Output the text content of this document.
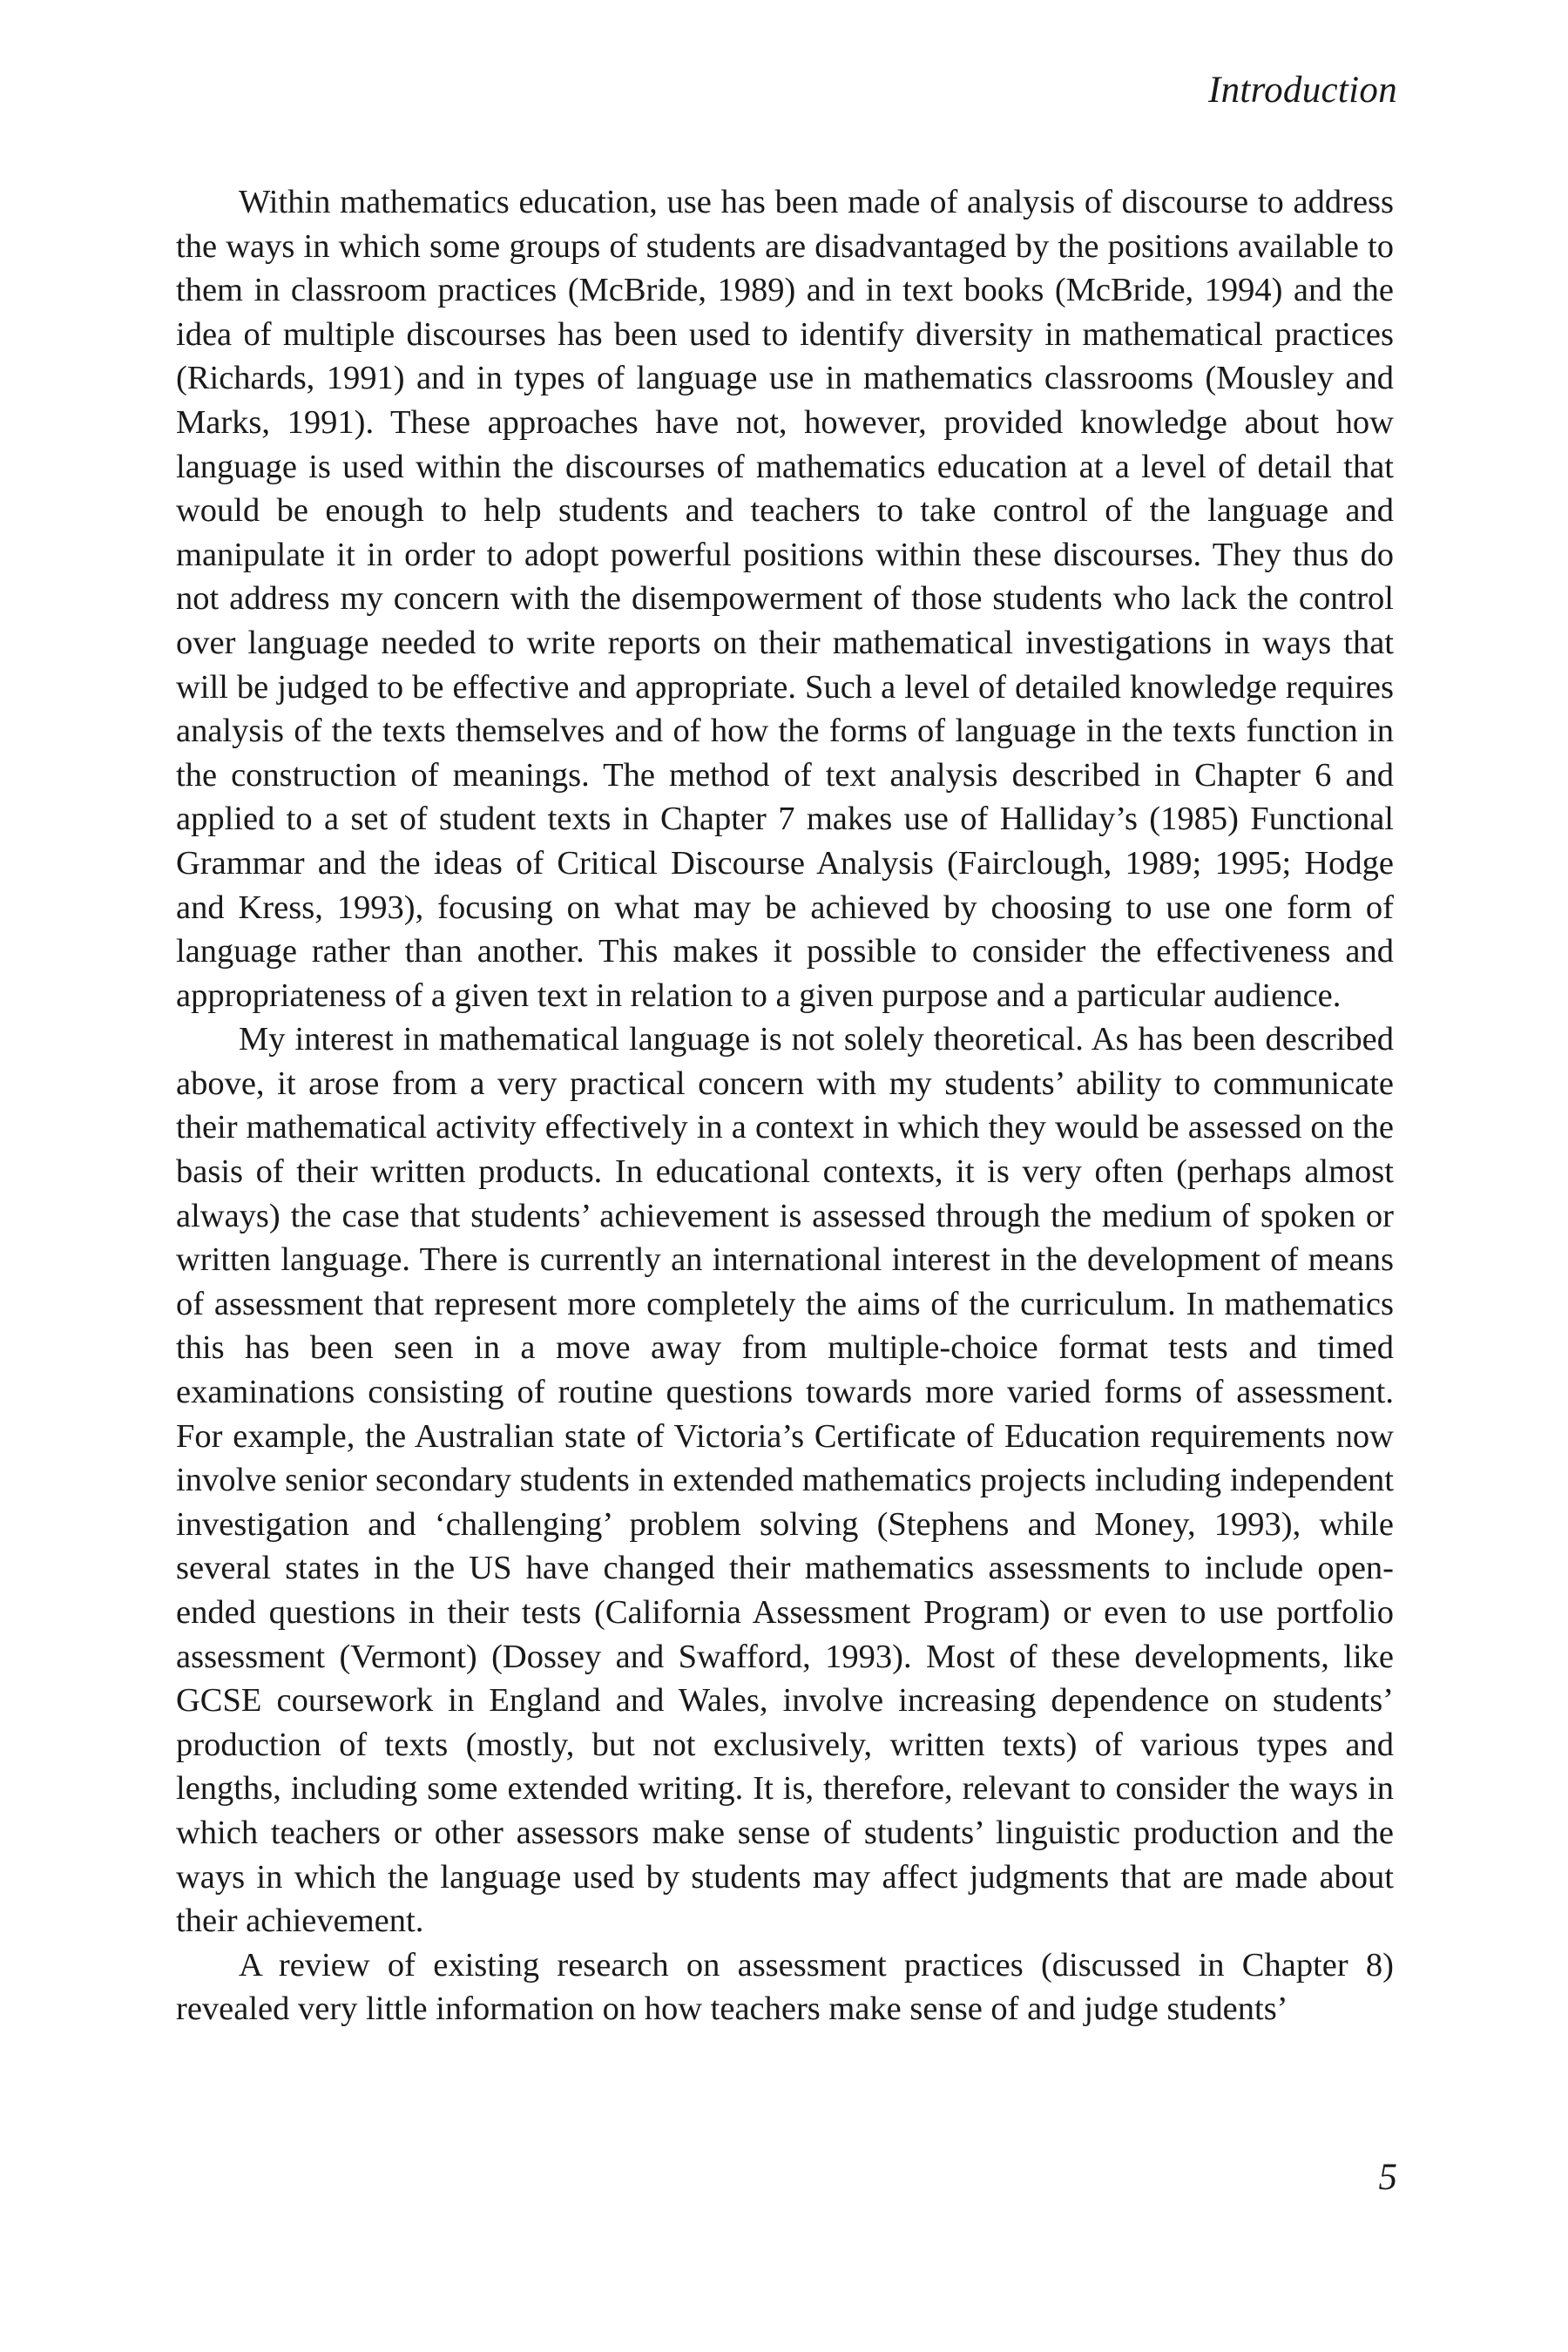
Introduction

Within mathematics education, use has been made of analysis of discourse to address the ways in which some groups of students are disadvantaged by the positions available to them in classroom practices (McBride, 1989) and in text books (McBride, 1994) and the idea of multiple discourses has been used to identify diversity in mathematical practices (Richards, 1991) and in types of language use in mathematics classrooms (Mousley and Marks, 1991). These approaches have not, however, provided knowledge about how language is used within the discourses of mathematics education at a level of detail that would be enough to help students and teachers to take control of the language and manipulate it in order to adopt powerful positions within these discourses. They thus do not address my concern with the disempowerment of those students who lack the control over language needed to write reports on their mathematical investigations in ways that will be judged to be effective and appropriate. Such a level of detailed knowledge requires analysis of the texts themselves and of how the forms of language in the texts function in the construction of meanings. The method of text analysis described in Chapter 6 and applied to a set of student texts in Chapter 7 makes use of Halliday’s (1985) Functional Grammar and the ideas of Critical Discourse Analysis (Fairclough, 1989; 1995; Hodge and Kress, 1993), focusing on what may be achieved by choosing to use one form of language rather than another. This makes it possible to consider the effectiveness and appropriateness of a given text in relation to a given purpose and a particular audience.

My interest in mathematical language is not solely theoretical. As has been described above, it arose from a very practical concern with my students’ ability to communicate their mathematical activity effectively in a context in which they would be assessed on the basis of their written products. In educational contexts, it is very often (perhaps almost always) the case that students’ achievement is assessed through the medium of spoken or written language. There is currently an international interest in the development of means of assessment that represent more completely the aims of the curriculum. In mathematics this has been seen in a move away from multiple-choice format tests and timed examinations consisting of routine questions towards more varied forms of assessment. For example, the Australian state of Victoria’s Certificate of Education requirements now involve senior secondary students in extended mathematics projects including independent investigation and ‘challenging’ problem solving (Stephens and Money, 1993), while several states in the US have changed their mathematics assessments to include open-ended questions in their tests (California Assessment Program) or even to use portfolio assessment (Vermont) (Dossey and Swafford, 1993). Most of these developments, like GCSE coursework in England and Wales, involve increasing dependence on students’ production of texts (mostly, but not exclusively, written texts) of various types and lengths, including some extended writing. It is, therefore, relevant to consider the ways in which teachers or other assessors make sense of students’ linguistic production and the ways in which the language used by students may affect judgments that are made about their achievement.

A review of existing research on assessment practices (discussed in Chapter 8) revealed very little information on how teachers make sense of and judge students’

5
